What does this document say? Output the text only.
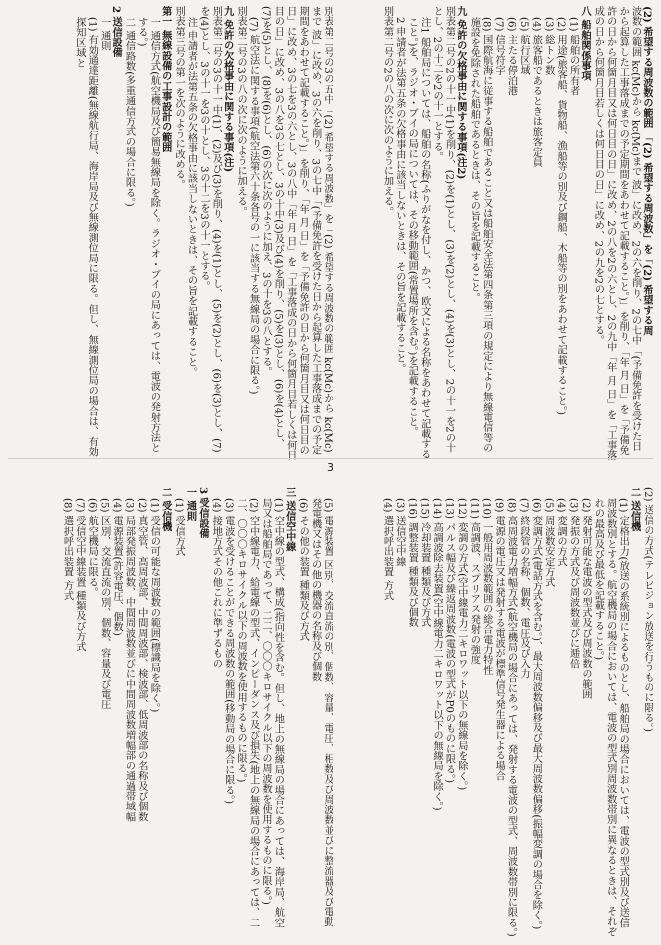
(2) 希望する周波数の範囲 「(2) 希望する周波数」を「(2) 希望する周

波数の範囲 kc(Mc)から kc(Mc)まで 波」に改め、2の六を削り、2の七中「(予備免許を受けた日から起算した工事落成までの予定期間をあわせて記載すること。)」を削り、「年 月 日」を「予備免許の日から何箇月目又は何日目の日」に改め、2の八を2の六とし、2の九中「年 月 日」を「工事落成の日から何箇月目若しくは何日目の日」に改め、2の九を2の七とする。

八 船舶関係事項

(1) 船舶の所有者

(2) 用途(旅客船、貨物船、漁船等の別及び鋼船、木船等の別をあわせて記載すること。)

(3) 総トン数

(4) 旅客船であるときは旅客定員

(5) 航行区域

(6) 主たる停泊港

(7) 信号符字

(8) 国際航海に従事する船舶であること又は船舶安全法第四条第三項の規定により無線電信等の施設を免除された船舶であるときは、その旨を記載すること。

九 免許の欠格事由に関する事項(注2)

別表第二号の2の十一中(1)を削り、(2)を(1)とし、(3)を(2)とし、(4)を(3)とし、2の十一を2の十とし、2の十二を2の十一とする。

注1 船舶局については、船舶の名称(ふりがなを付し、かつ、欧文による名称をあわせて記載すること。)を、ラジオ・ブイの局については、その移動範囲(常置場所を含む。)を記載すること。

2 申請者が法第五条の欠格事由に該当しないときは、その旨を記載すること。

別表第二号の2の八の次に次のように加える。

別表第二号の3の五中「(2) 希望する周波数」を「(2) 希望する周波数の範囲 kc(Mc)から kc(Mc)まで 波」に改め、3の六を削り、3の七中「(予備免許を受けた日から起算した工事落成までの予定期間をあわせて記載すること。)」を削り、「年 月 日」を「予備免許の日から何箇月目又は何日目の日」に改め、3の七を3の六とし、3の八中「年 月 日」を「工事落成の日から何箇月目若しくは何日目の日」に改め、3の八を3の七とし、3の十中(3)及び(4)を削り、(5)を(3)とし、(6)を(4)とし、(7)を(5)とし、(8)を(6)とし、(6)の次に次のように加え、3の十を3の八とする。

(7) 航空法に関する事項(航空法第六十条各号の一に該当する無線局の場合に限る。)

別表第二号の3の八の次に次のように加える。

九 免許の欠格事由に関する事項(注)

別表第二号の3の十一中(1)、(2)及び(3)を削り、(4)を(1)とし、(5)を(2)とし、(6)を(3)とし、(7)を(4)とし、3の十一を3の十とし、3の十二を3の十一とする。

注 申請者が法第五条の欠格事由に該当しないときは、その旨を記載すること。

別表第三号の第一を次のように改める。

第一 無線設備の工事設計の範囲

一 通信方式(航空機局及び簡易無線局を除く。ラジオ・ブイの局にあっては、電波の発射方法とする。)

二 通信路数(多重通信方式の場合に限る。)

2 送信設備

一 通則

(1) 有効通達距離(無線航行局、海岸局及び無線測位局に限る。但し、無線測位局の場合は、有効探知区域と

3

(2) 送信の方式(テレビジョン放送を行うものに限る。)

二 送信機

(1) 定格出力(放送の系統別によるものとし、船舶局の場合においては、電波の型式別及び送信周波数別とする。航空機局の場合においては、電波の型式別周波数帯別に異なるときは、それぞれの最高及び最低を記載すること。)

(2) 発射可能な電波の型式及び周波数の範囲

(3) 発振の方式及び周波数並びに逓倍

(4) 変調の方式

(5) 周波数安定方式

(6) 変調方式(電話方式を含む。)、最大周波数偏移及び最大周波数偏移(振幅変調の場合を除く。)

(7) 終段管の名称、個数、電圧及び入力

(8) 高周波電力増幅方式(航空機局の場合にあっては、発射する電波の型式、周波数帯別に限る。)

(9) 電源の電圧又は発射する電波が標準信号発生器による場合

(10) 一般用周波数範囲の総合電力特性

(11) 高調波、スプリアス発射の強度

(12) 変調の方式(空中線電力二キロワット以下の無線局を除く。)

(13) パルス幅及び繰返周波数(電波の型式がP0のものに限る。)

(14) 高調波除去装置(空中線電力二キロワット以下の無線局を除く。)

(15) 冷却装置 種類及び方式

(16) 調整装置 種類及び個数

(3) 送信空中線

(4) 選択呼出装置 方式

(5) 電源装置 区別、交流直流の別、個数、容量、電圧、相数及び周波数並びに整流器及び電動発電機又はその他の機器の名称及び個数

(6) その他の装置 種類及び方式

三 送信空中線

(1) 空中線の型式、構成(指向性を含む。但し、地上の無線局の場合にあっては、海岸局、航空局又は船舶局であって、二二、〇〇〇キロサイクル以下の周波数を使用するものに限る。)

(2) 空中線電力、給電線の型式、インピーダンス及び損失(地上の無線局の場合にあっては、二二、〇〇〇キロサイクル以下の周波数を使用するものに限る。)

(3) 電波を受けることができる周波数の範囲(移動局の場合に限る。)

(4) 接地方式その他これに準ずるもの

3 受信設備

一 通則

(1) 受信方式

二 受信機

(1) 受信の可能な周波数の範囲(標識局を除く。)

(2) 真空管、高周波部、中間周波部、検波部、低周波部の名称及び個数

(3) 局部発振周波数、中間周波数並びに中間周波数増幅部の通過帯域幅

(4) 電源装置(許容電圧、個数)

(5) 区別、交流直流の別、個数、容量及び電圧

(6) 航空機局に限る。

(7) 受信空中線装置 種類及び方式

(8) 選択呼出装置 方式
